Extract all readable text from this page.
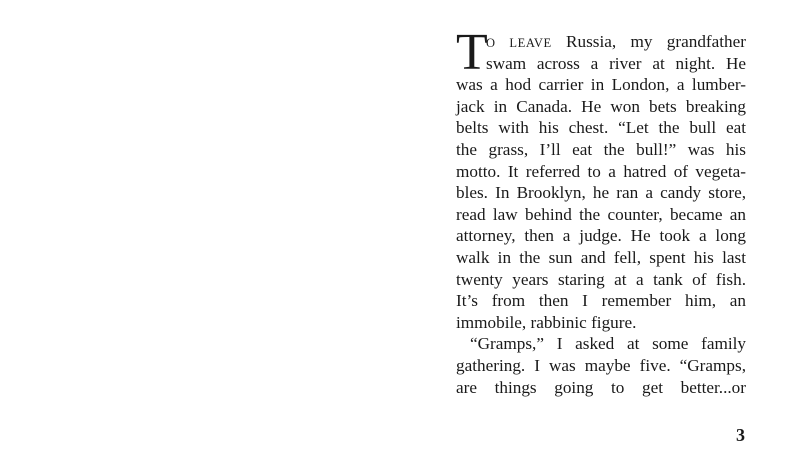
T
O LEAVE Russia, my grandfather
swam across a river at night. He
was a hod carrier in London, a lumber-
jack in Canada. He won bets breaking
belts with his chest. “Let the bull eat
the grass, I’ll eat the bull!” was his
motto. It referred to a hatred of vegeta-
bles. In Brooklyn, he ran a candy store,
read law behind the counter, became an
attorney, then a judge. He took a long
walk in the sun and fell, spent his last
twenty years staring at a tank of fish.
It’s from then I remember him, an
immobile, rabbinic figure.
“Gramps,” I asked at some family
gathering. I was maybe five. “Gramps,
are things going to get better...or
3
